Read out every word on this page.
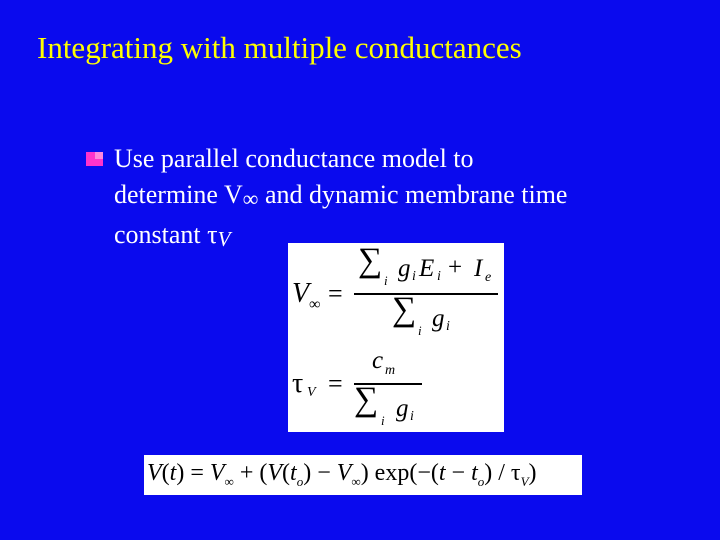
Integrating with multiple conductances
Use parallel conductance model to
determine V∞ and dynamic membrane time
constant τV
V ∞ =
∑
i g i E i + I e
∑
i g i
τ V =
c m
∑
i g i
$V(t) = V_\infty + (V(t_o) - V_\infty) \exp(-(t - t_o) / \tau_V)$
